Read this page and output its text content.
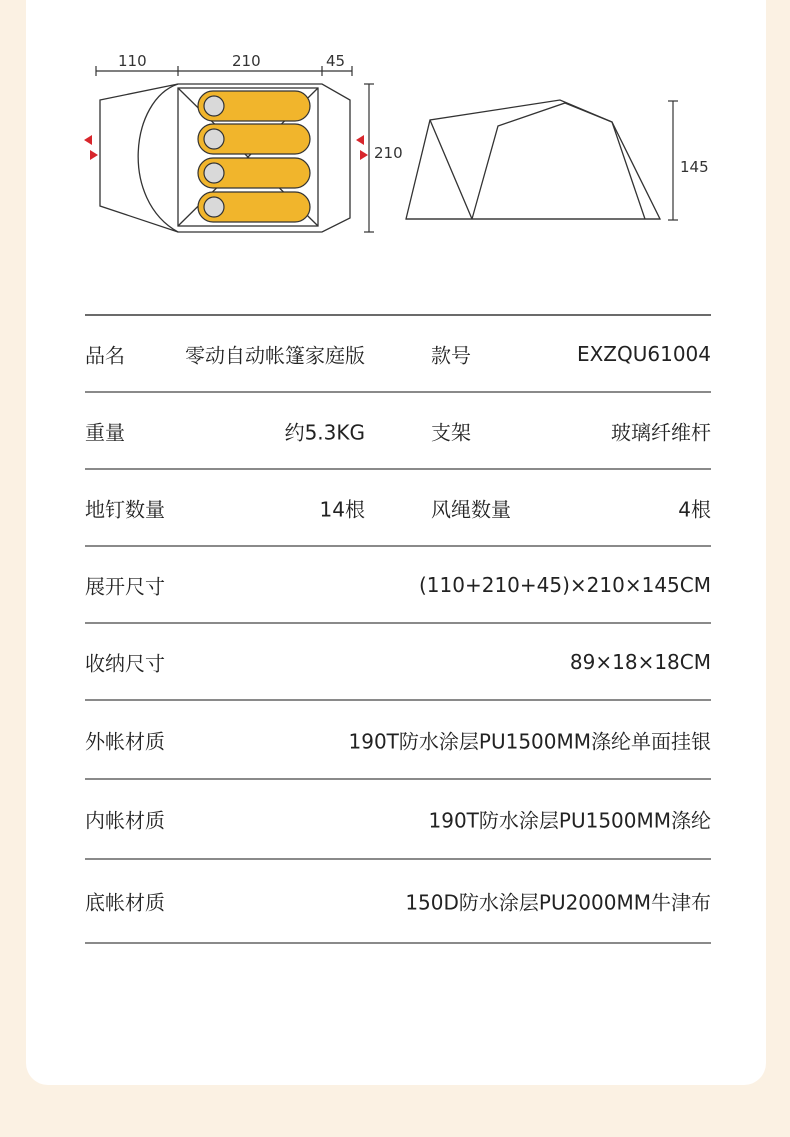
110	210	45
210
145
品名	零动自动帐篷家庭版	款号	EXZQU61004
重量	约5.3KG	支架	玻璃纤维杆
地钉数量	14根	风绳数量	4根
展开尺寸	(110+210+45)×210×145CM
收纳尺寸	89×18×18CM
外帐材质	190T防水涂层PU1500MM涤纶单面挂银
内帐材质	190T防水涂层PU1500MM涤纶
底帐材质	150D防水涂层PU2000MM牛津布
